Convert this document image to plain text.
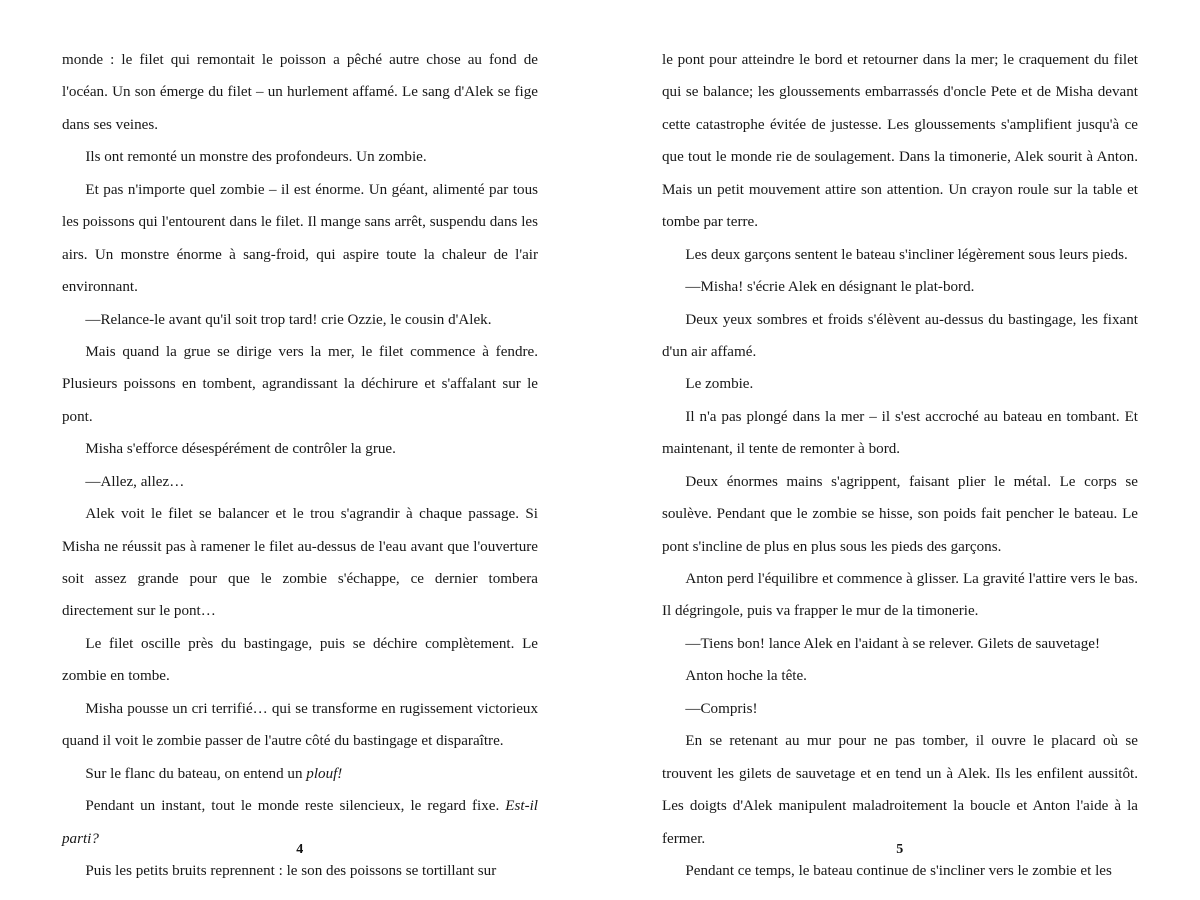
monde : le filet qui remontait le poisson a pêché autre chose au fond de l'océan. Un son émerge du filet – un hurlement affamé. Le sang d'Alek se fige dans ses veines.

Ils ont remonté un monstre des profondeurs. Un zombie.

Et pas n'importe quel zombie – il est énorme. Un géant, alimenté par tous les poissons qui l'entourent dans le filet. Il mange sans arrêt, suspendu dans les airs. Un monstre énorme à sang-froid, qui aspire toute la chaleur de l'air environnant.

—Relance-le avant qu'il soit trop tard! crie Ozzie, le cousin d'Alek.

Mais quand la grue se dirige vers la mer, le filet commence à fendre. Plusieurs poissons en tombent, agrandissant la déchirure et s'affalant sur le pont.

Misha s'efforce désespérément de contrôler la grue.

—Allez, allez…

Alek voit le filet se balancer et le trou s'agrandir à chaque passage. Si Misha ne réussit pas à ramener le filet au-dessus de l'eau avant que l'ouverture soit assez grande pour que le zombie s'échappe, ce dernier tombera directement sur le pont…

Le filet oscille près du bastingage, puis se déchire complètement. Le zombie en tombe.

Misha pousse un cri terrifié… qui se transforme en rugissement victorieux quand il voit le zombie passer de l'autre côté du bastingage et disparaître.

Sur le flanc du bateau, on entend un plouf!

Pendant un instant, tout le monde reste silencieux, le regard fixe. Est-il parti?

Puis les petits bruits reprennent : le son des poissons se tortillant sur

4

le pont pour atteindre le bord et retourner dans la mer; le craquement du filet qui se balance; les gloussements embarrassés d'oncle Pete et de Misha devant cette catastrophe évitée de justesse. Les gloussements s'amplifient jusqu'à ce que tout le monde rie de soulagement. Dans la timonerie, Alek sourit à Anton. Mais un petit mouvement attire son attention. Un crayon roule sur la table et tombe par terre.

Les deux garçons sentent le bateau s'incliner légèrement sous leurs pieds.

—Misha! s'écrie Alek en désignant le plat-bord.

Deux yeux sombres et froids s'élèvent au-dessus du bastingage, les fixant d'un air affamé.

Le zombie.

Il n'a pas plongé dans la mer – il s'est accroché au bateau en tombant. Et maintenant, il tente de remonter à bord.

Deux énormes mains s'agrippent, faisant plier le métal. Le corps se soulève. Pendant que le zombie se hisse, son poids fait pencher le bateau. Le pont s'incline de plus en plus sous les pieds des garçons.

Anton perd l'équilibre et commence à glisser. La gravité l'attire vers le bas. Il dégringole, puis va frapper le mur de la timonerie.

—Tiens bon! lance Alek en l'aidant à se relever. Gilets de sauvetage!

Anton hoche la tête.

—Compris!

En se retenant au mur pour ne pas tomber, il ouvre le placard où se trouvent les gilets de sauvetage et en tend un à Alek. Ils les enfilent aussitôt. Les doigts d'Alek manipulent maladroitement la boucle et Anton l'aide à la fermer.

Pendant ce temps, le bateau continue de s'incliner vers le zombie et les

5
